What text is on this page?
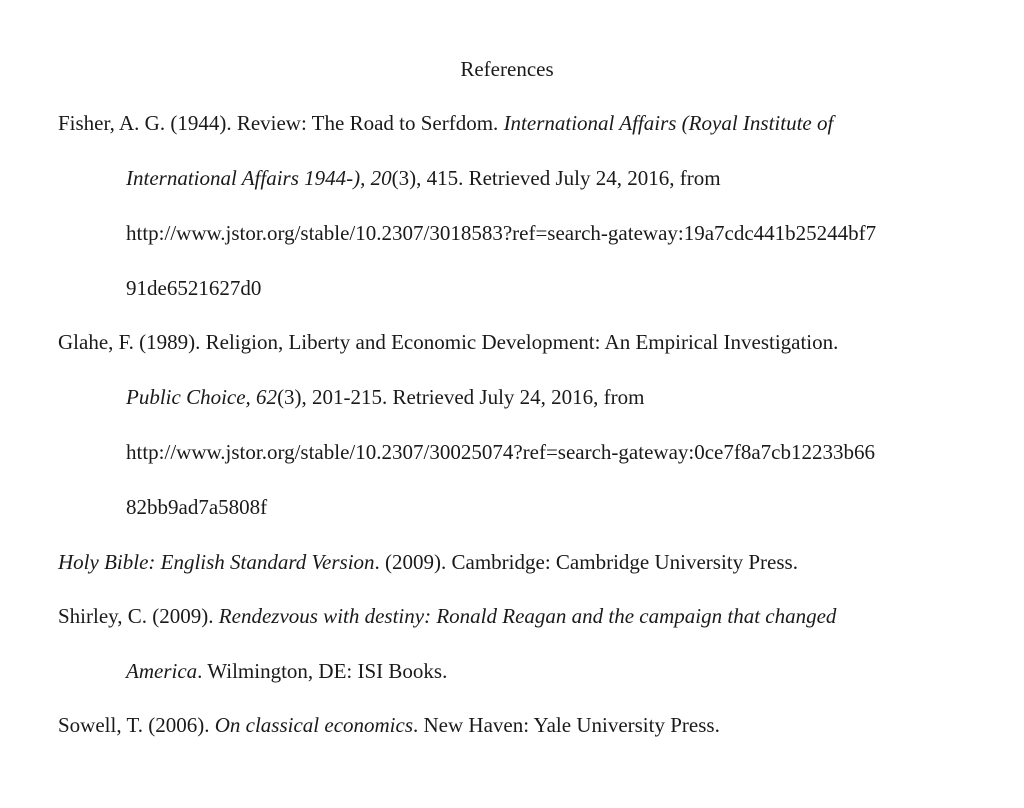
References
Fisher, A. G. (1944). Review: The Road to Serfdom. International Affairs (Royal Institute of
International Affairs 1944-), 20(3), 415. Retrieved July 24, 2016, from
http://www.jstor.org/stable/10.2307/3018583?ref=search-gateway:19a7cdc441b25244bf7
91de6521627d0
Glahe, F. (1989). Religion, Liberty and Economic Development: An Empirical Investigation.
Public Choice, 62(3), 201-215. Retrieved July 24, 2016, from
http://www.jstor.org/stable/10.2307/30025074?ref=search-gateway:0ce7f8a7cb12233b66
82bb9ad7a5808f
Holy Bible: English Standard Version. (2009). Cambridge: Cambridge University Press.
Shirley, C. (2009). Rendezvous with destiny: Ronald Reagan and the campaign that changed
America. Wilmington, DE: ISI Books.
Sowell, T. (2006). On classical economics. New Haven: Yale University Press.
